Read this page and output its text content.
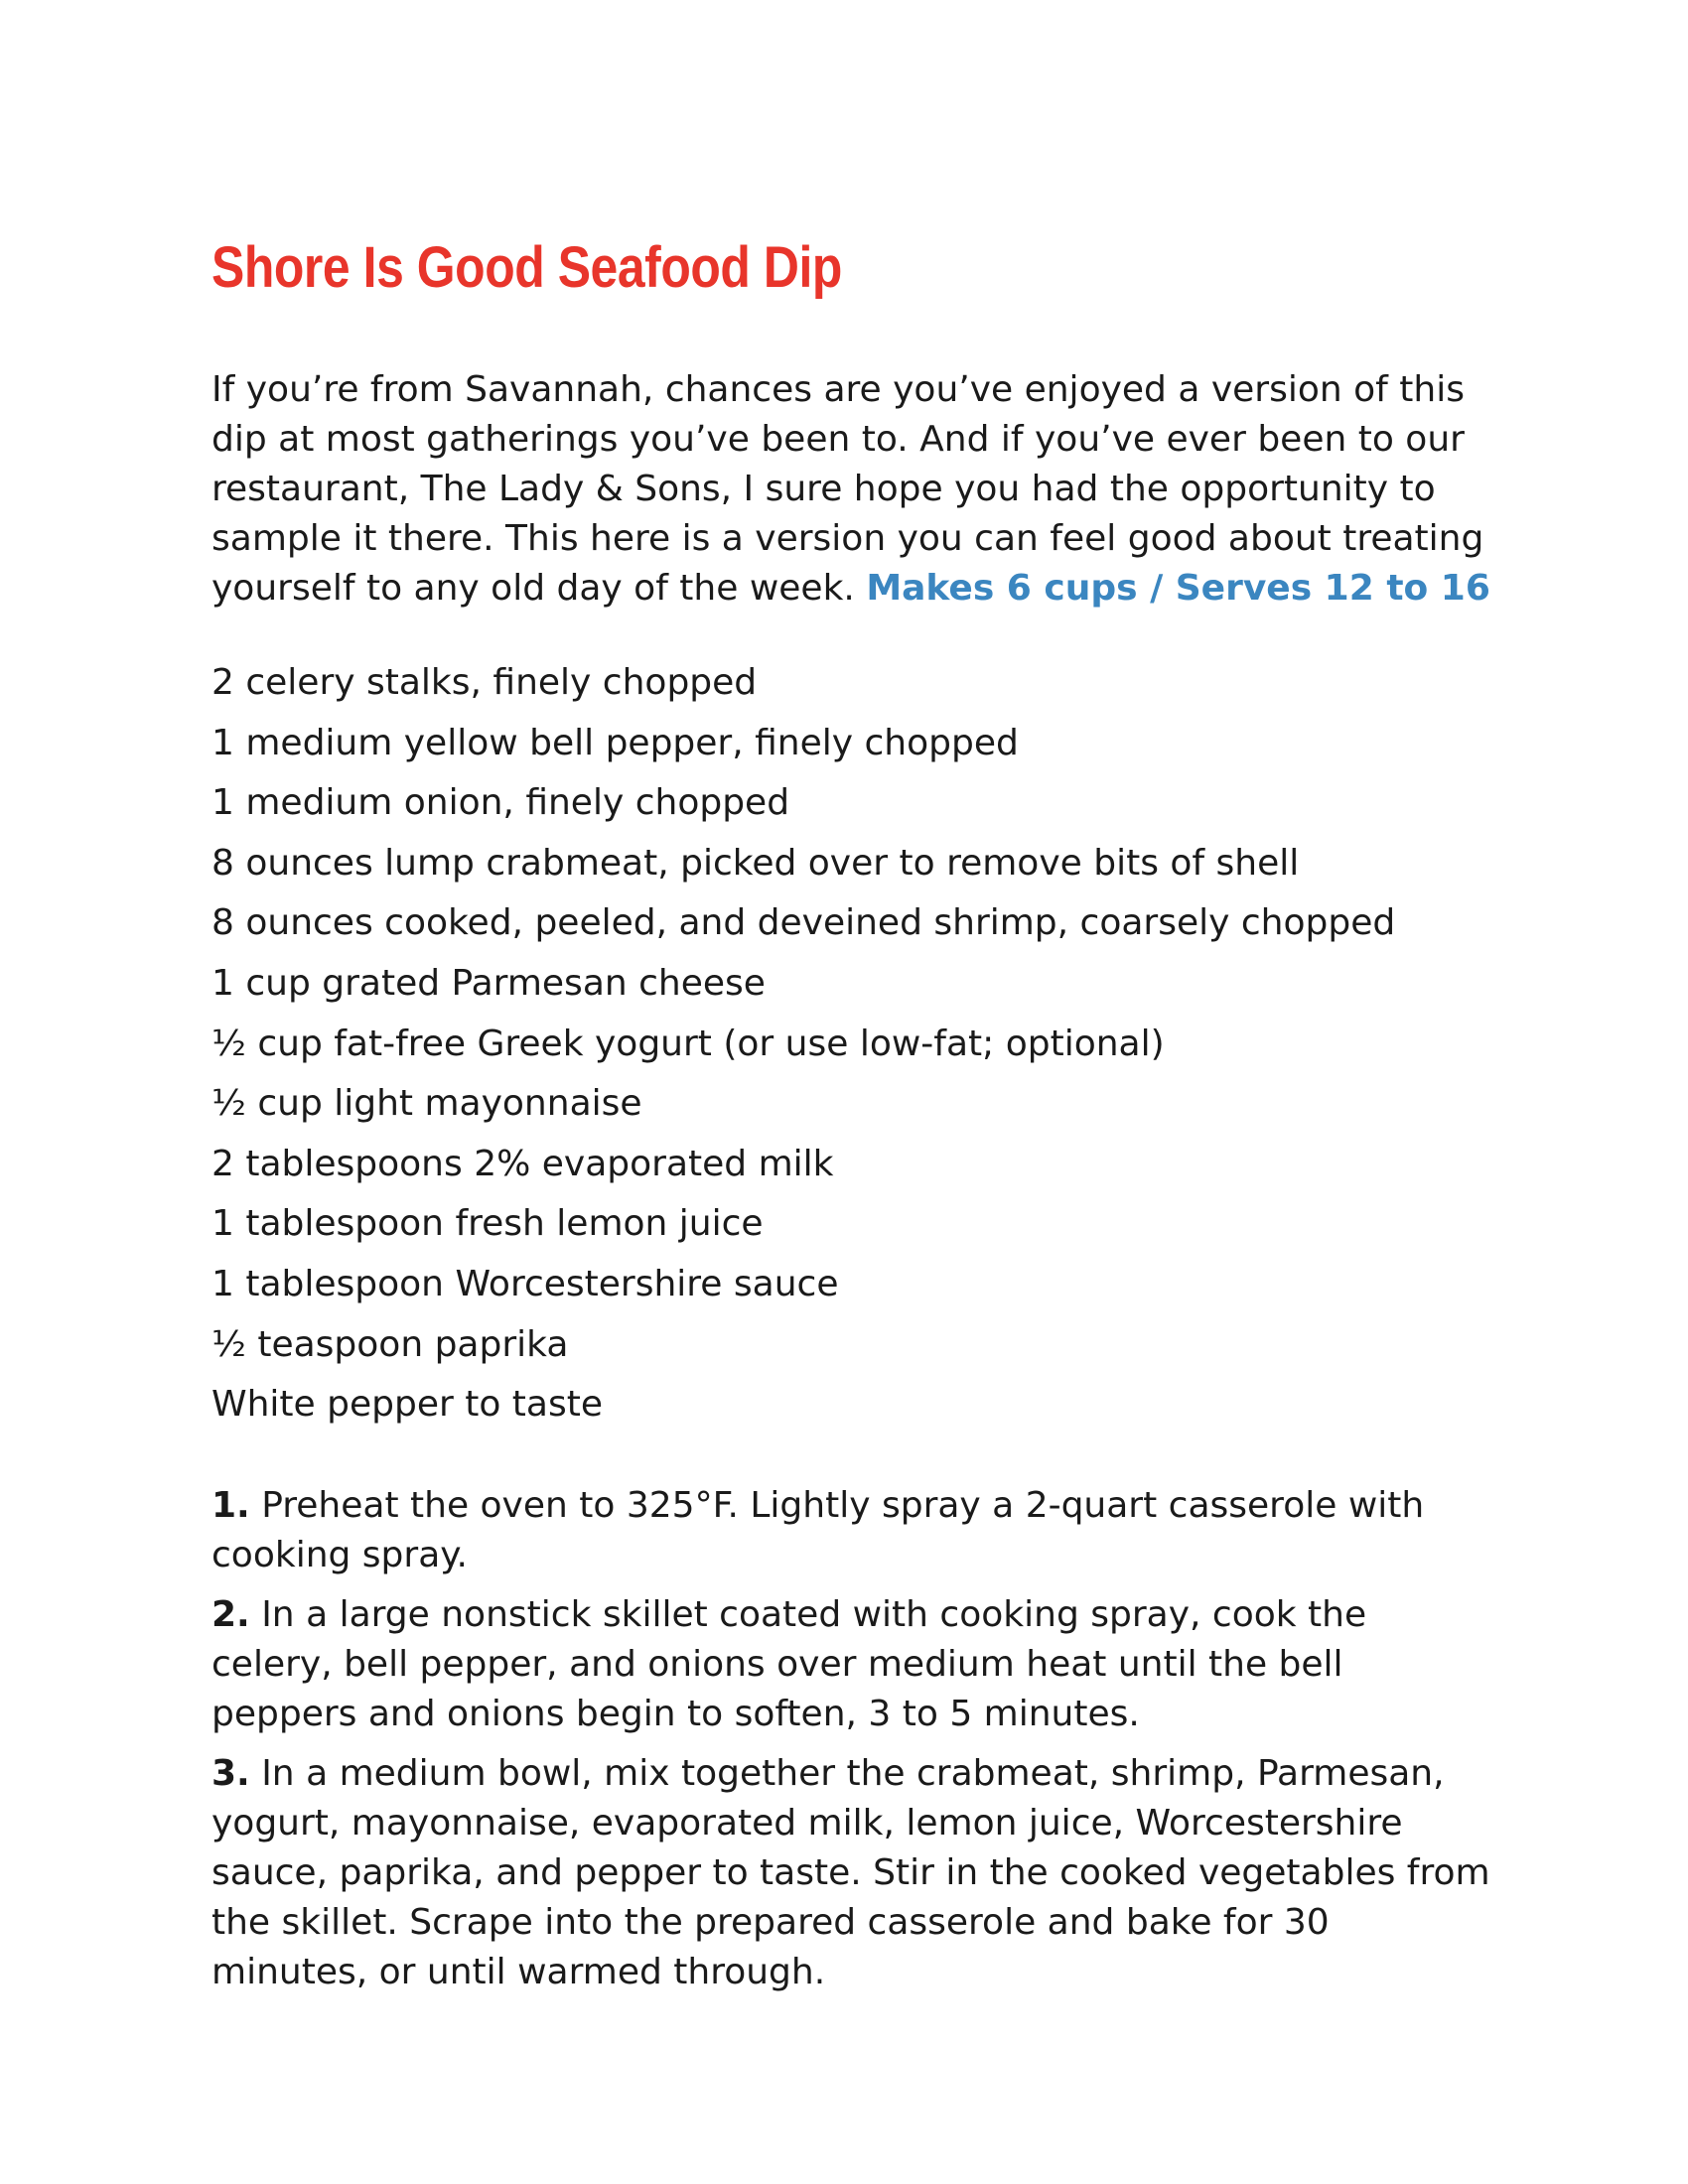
Shore Is Good Seafood Dip

If you’re from Savannah, chances are you’ve enjoyed a version of this dip at most gatherings you’ve been to. And if you’ve ever been to our restaurant, The Lady & Sons, I sure hope you had the opportunity to sample it there. This here is a version you can feel good about treating yourself to any old day of the week. Makes 6 cups / Serves 12 to 16

2 celery stalks, finely chopped
1 medium yellow bell pepper, finely chopped
1 medium onion, finely chopped
8 ounces lump crabmeat, picked over to remove bits of shell
8 ounces cooked, peeled, and deveined shrimp, coarsely chopped
1 cup grated Parmesan cheese
½ cup fat-free Greek yogurt (or use low-fat; optional)
½ cup light mayonnaise
2 tablespoons 2% evaporated milk
1 tablespoon fresh lemon juice
1 tablespoon Worcestershire sauce
½ teaspoon paprika
White pepper to taste
1. Preheat the oven to 325°F. Lightly spray a 2-quart casserole with cooking spray.
2. In a large nonstick skillet coated with cooking spray, cook the celery, bell pepper, and onions over medium heat until the bell peppers and onions begin to soften, 3 to 5 minutes.
3. In a medium bowl, mix together the crabmeat, shrimp, Parmesan, yogurt, mayonnaise, evaporated milk, lemon juice, Worcestershire sauce, paprika, and pepper to taste. Stir in the cooked vegetables from the skillet. Scrape into the prepared casserole and bake for 30 minutes, or until warmed through.
